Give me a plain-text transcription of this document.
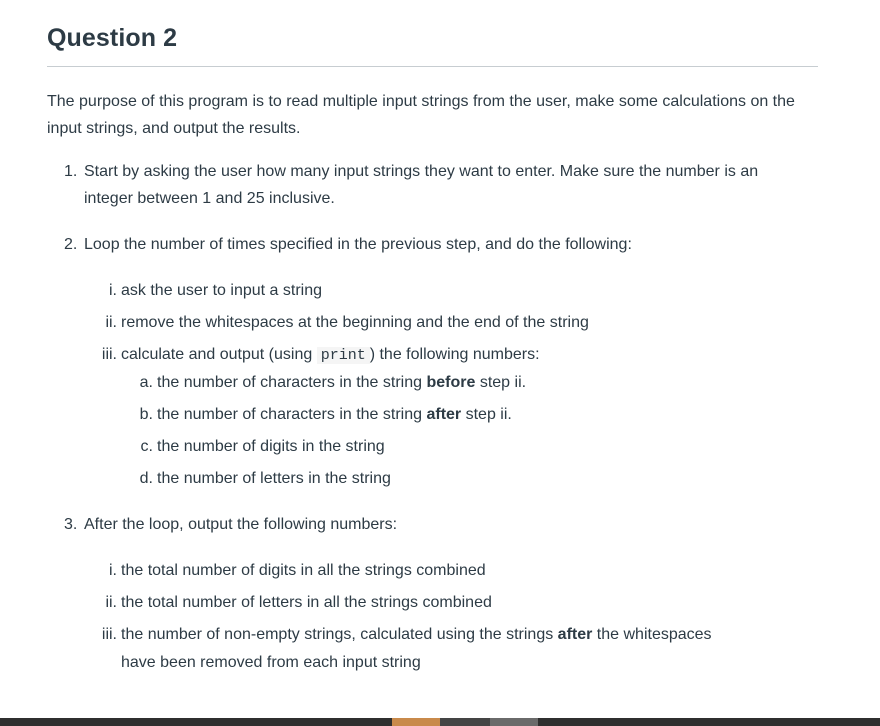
Question 2
The purpose of this program is to read multiple input strings from the user, make some calculations on the input strings, and output the results.
1. Start by asking the user how many input strings they want to enter. Make sure the number is an integer between 1 and 25 inclusive.
2. Loop the number of times specified in the previous step, and do the following:
i. ask the user to input a string
ii. remove the whitespaces at the beginning and the end of the string
iii. calculate and output (using print ) the following numbers:
a. the number of characters in the string before step ii.
b. the number of characters in the string after step ii.
c. the number of digits in the string
d. the number of letters in the string
3. After the loop, output the following numbers:
i. the total number of digits in all the strings combined
ii. the total number of letters in all the strings combined
iii. the number of non-empty strings, calculated using the strings after the whitespaces
have been removed from each input string
